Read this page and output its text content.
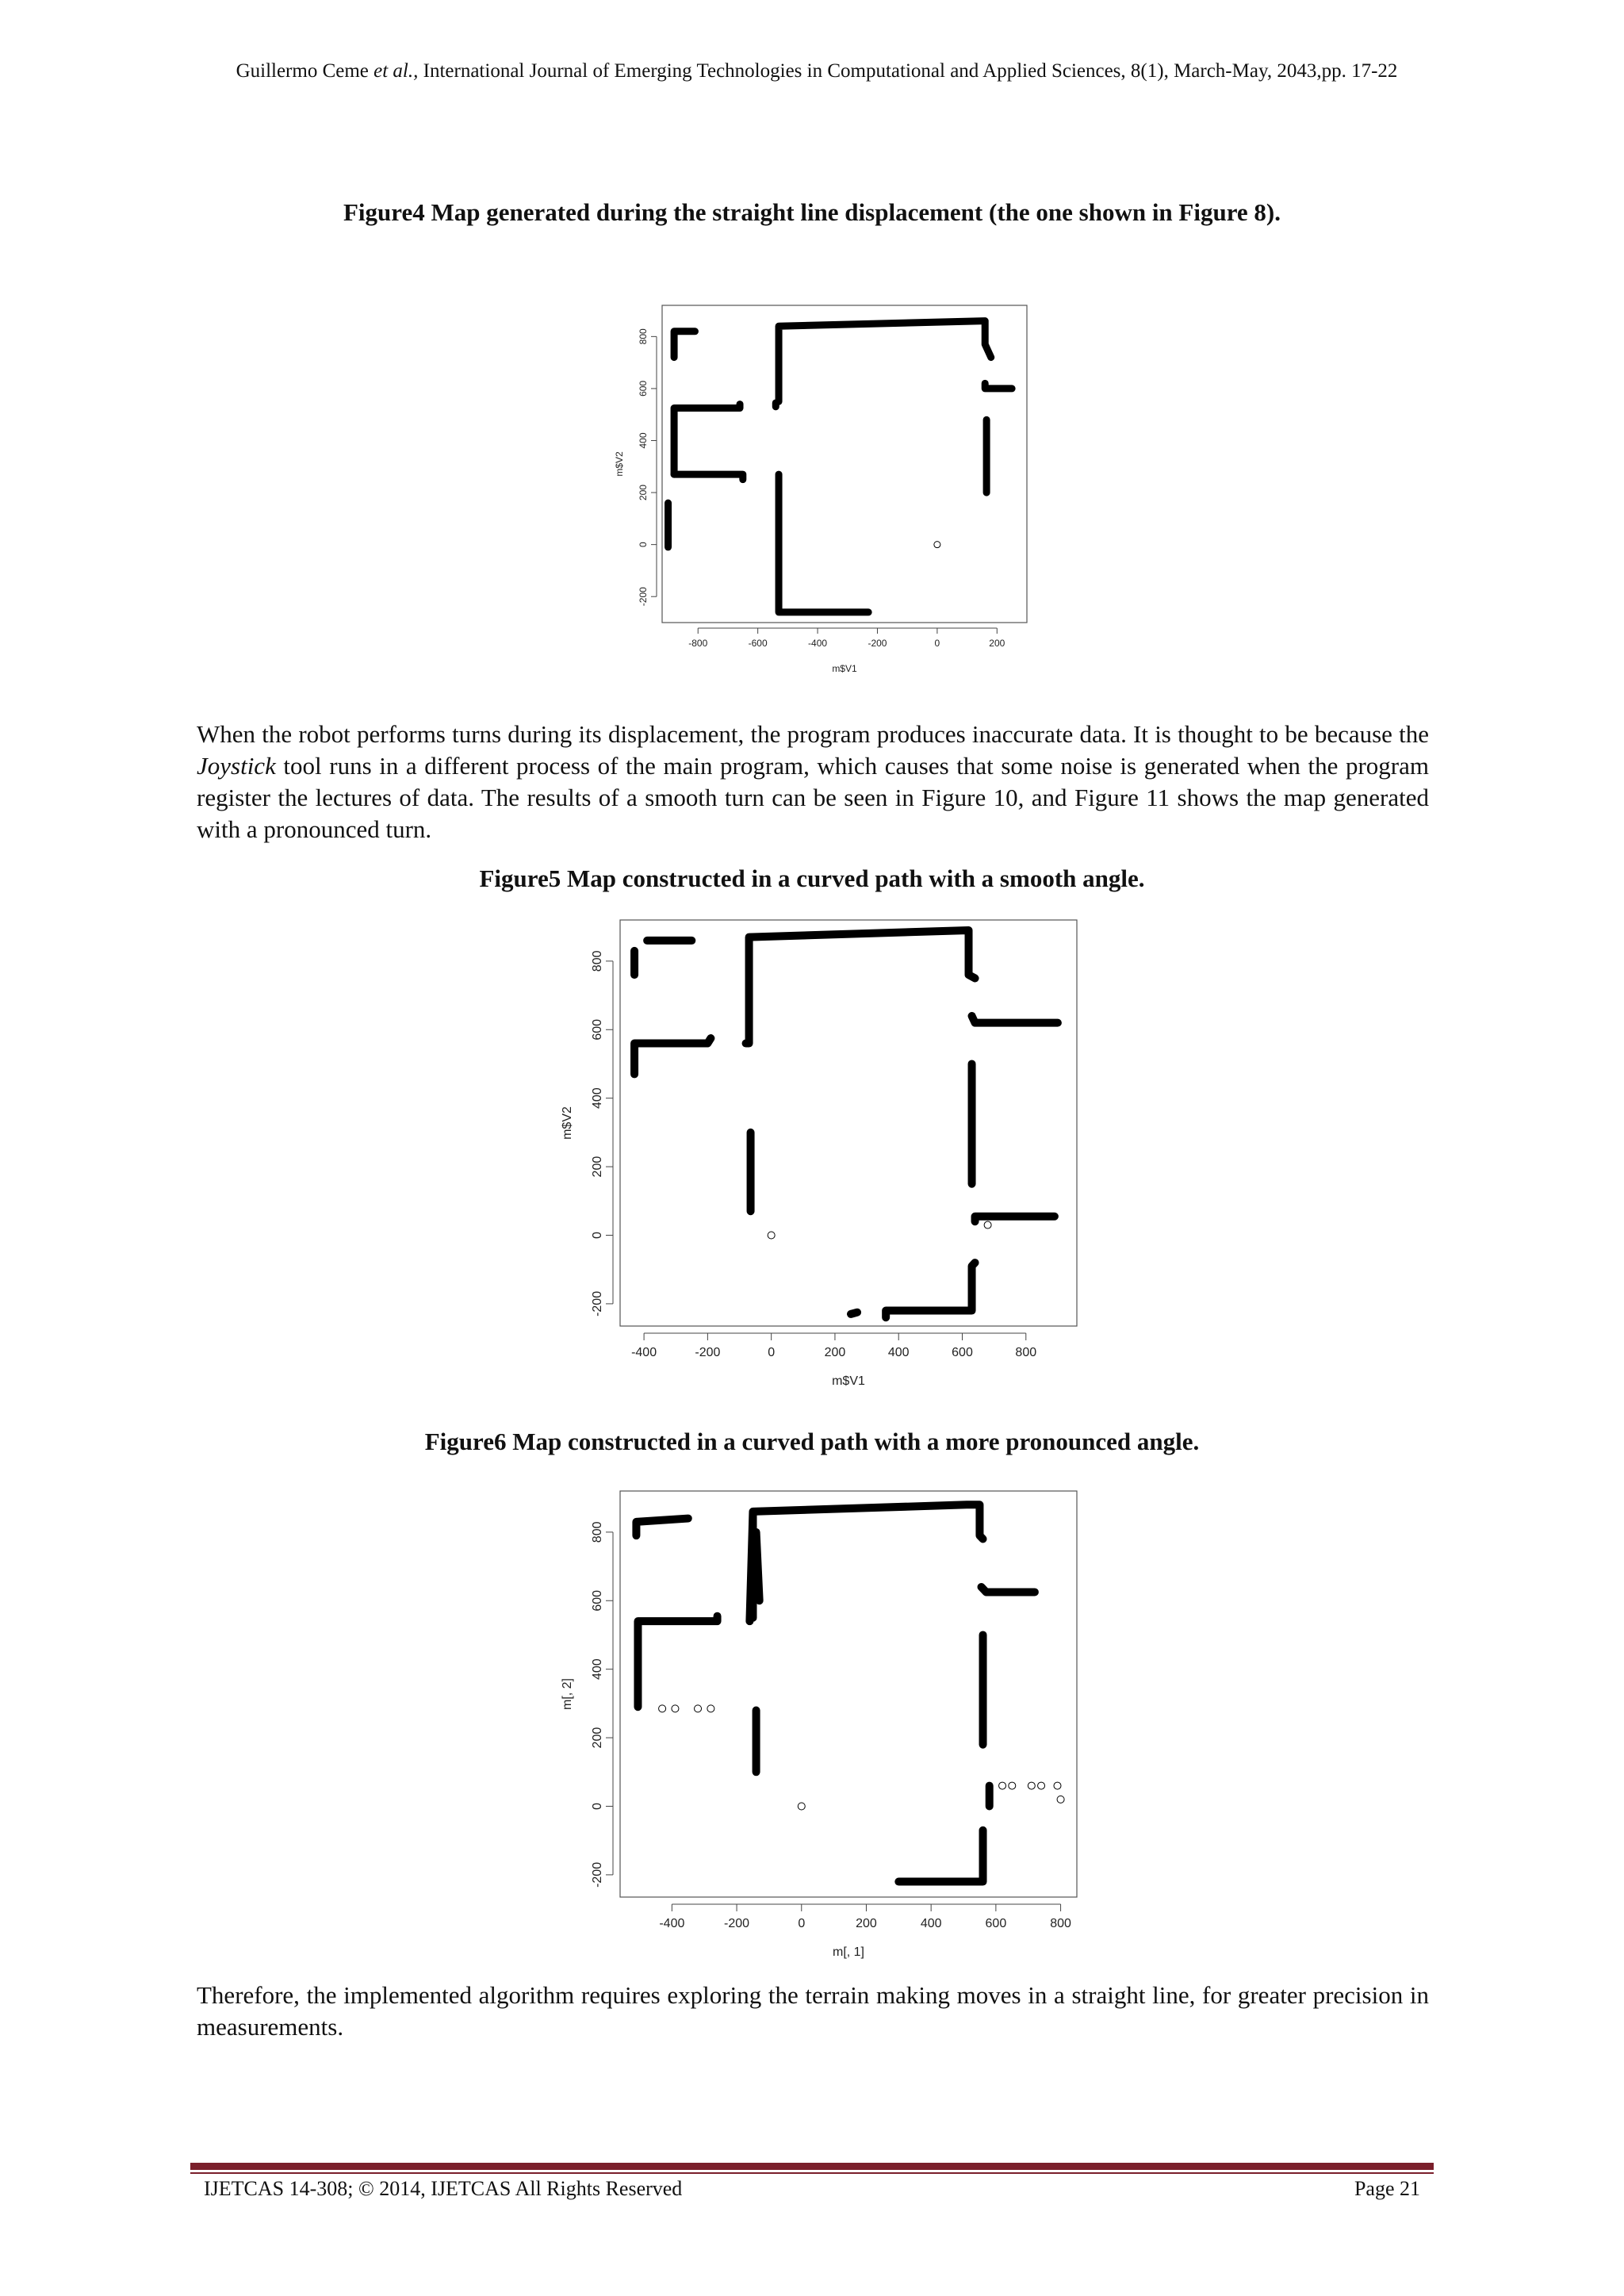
Guillermo Ceme et al., International Journal of Emerging Technologies in Computational and Applied Sciences, 8(1), March-May, 2043,pp. 17-22
Figure4 Map generated during the straight line displacement (the one shown in Figure 8).
-800	-600	-400	-200	0	200
-200
0
200
400
600
800
m$V1
m$V2
When the robot performs turns during its displacement, the program produces inaccurate data. It is thought to be because the Joystick tool runs in a different process of the main program, which causes that some noise is generated when the program register the lectures of data. The results of a smooth turn can be seen in Figure 10, and Figure 11 shows the map generated with a pronounced turn.
Figure5 Map constructed in a curved path with a smooth angle.
-400	-200	0	200	400	600	800
-200
0
200
400
600
800
m$V1
m$V2
Figure6 Map constructed in a curved path with a more pronounced angle.
-400	-200	0	200	400	600	800
-200
0
200
400
600
800
m[, 1]
m[, 2]
Therefore, the implemented algorithm requires exploring the terrain making moves in a straight line, for greater precision in measurements.
IJETCAS 14-308; © 2014, IJETCAS All Rights Reserved	Page 21
